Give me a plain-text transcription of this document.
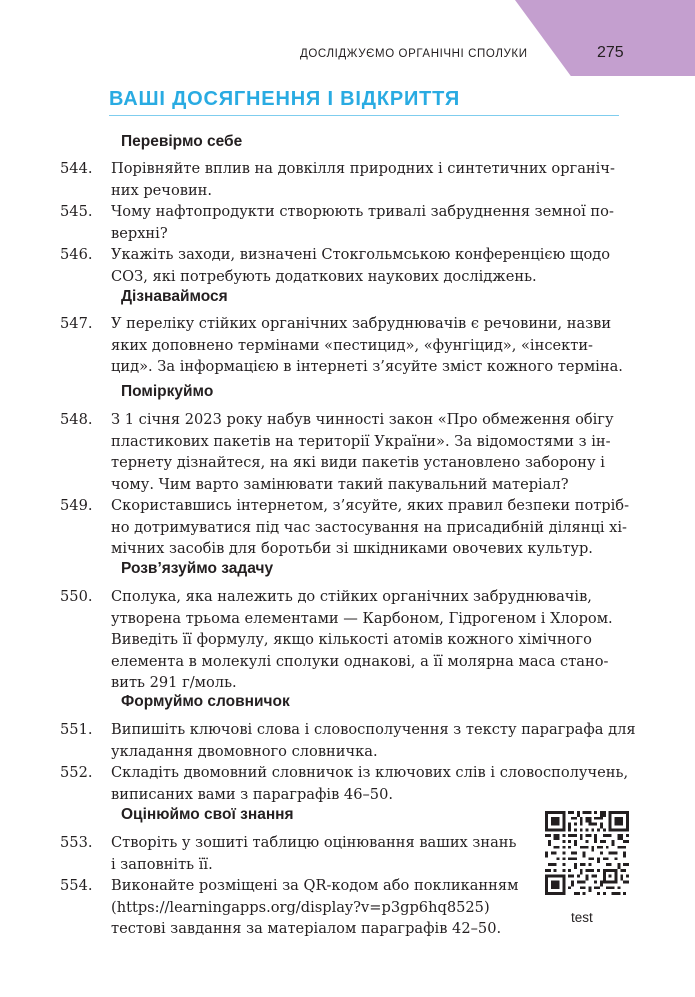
ДОСЛІДЖУЄМО ОРГАНІЧНІ СПОЛУКИ	275
ВАШІ ДОСЯГНЕННЯ І ВІДКРИТТЯ
Перевірмо себе
544. Порівняйте вплив на довкілля природних і синтетичних органіч-
них речовин.
545. Чому нафтопродукти створюють тривалі забруднення земної по-
верхні?
546. Укажіть заходи, визначені Стокгольмською конференцією щодо
СОЗ, які потребують додаткових наукових досліджень.
Дізнаваймося
547. У переліку стійких органічних забруднювачів є речовини, назви
яких доповнено термінами «пестицид», «фунгіцид», «інсекти-
цид». За інформацією в інтернеті з’ясуйте зміст кожного терміна.
Поміркуймо
548. З 1 січня 2023 року набув чинності закон «Про обмеження обігу
пластикових пакетів на території України». За відомостями з ін-
тернету дізнайтеся, на які види пакетів установлено заборону і
чому. Чим варто замінювати такий пакувальний матеріал?
549. Скориставшись інтернетом, з’ясуйте, яких правил безпеки потріб-
но дотримуватися під час застосування на присадибній ділянці хі-
мічних засобів для боротьби зі шкідниками овочевих культур.
Розв’язуймо задачу
550. Сполука, яка належить до стійких органічних забруднювачів,
утворена трьома елементами — Карбоном, Гідрогеном і Хлором.
Виведіть її формулу, якщо кількості атомів кожного хімічного
елемента в молекулі сполуки однакові, а її молярна маса стано-
вить 291 г/моль.
Формуймо словничок
551. Випишіть ключові слова і словосполучення з тексту параграфа для
укладання двомовного словничка.
552. Складіть двомовний словничок із ключових слів і словосполучень,
виписаних вами з параграфів 46–50.
Оцінюймо свої знання
553. Створіть у зошиті таблицю оцінювання ваших знань
і заповніть її.
554. Виконайте розміщені за QR-кодом або покликанням
(https://learningapps.org/display?v=p3gp6hq8525)
тестові завдання за матеріалом параграфів 42–50.
test
